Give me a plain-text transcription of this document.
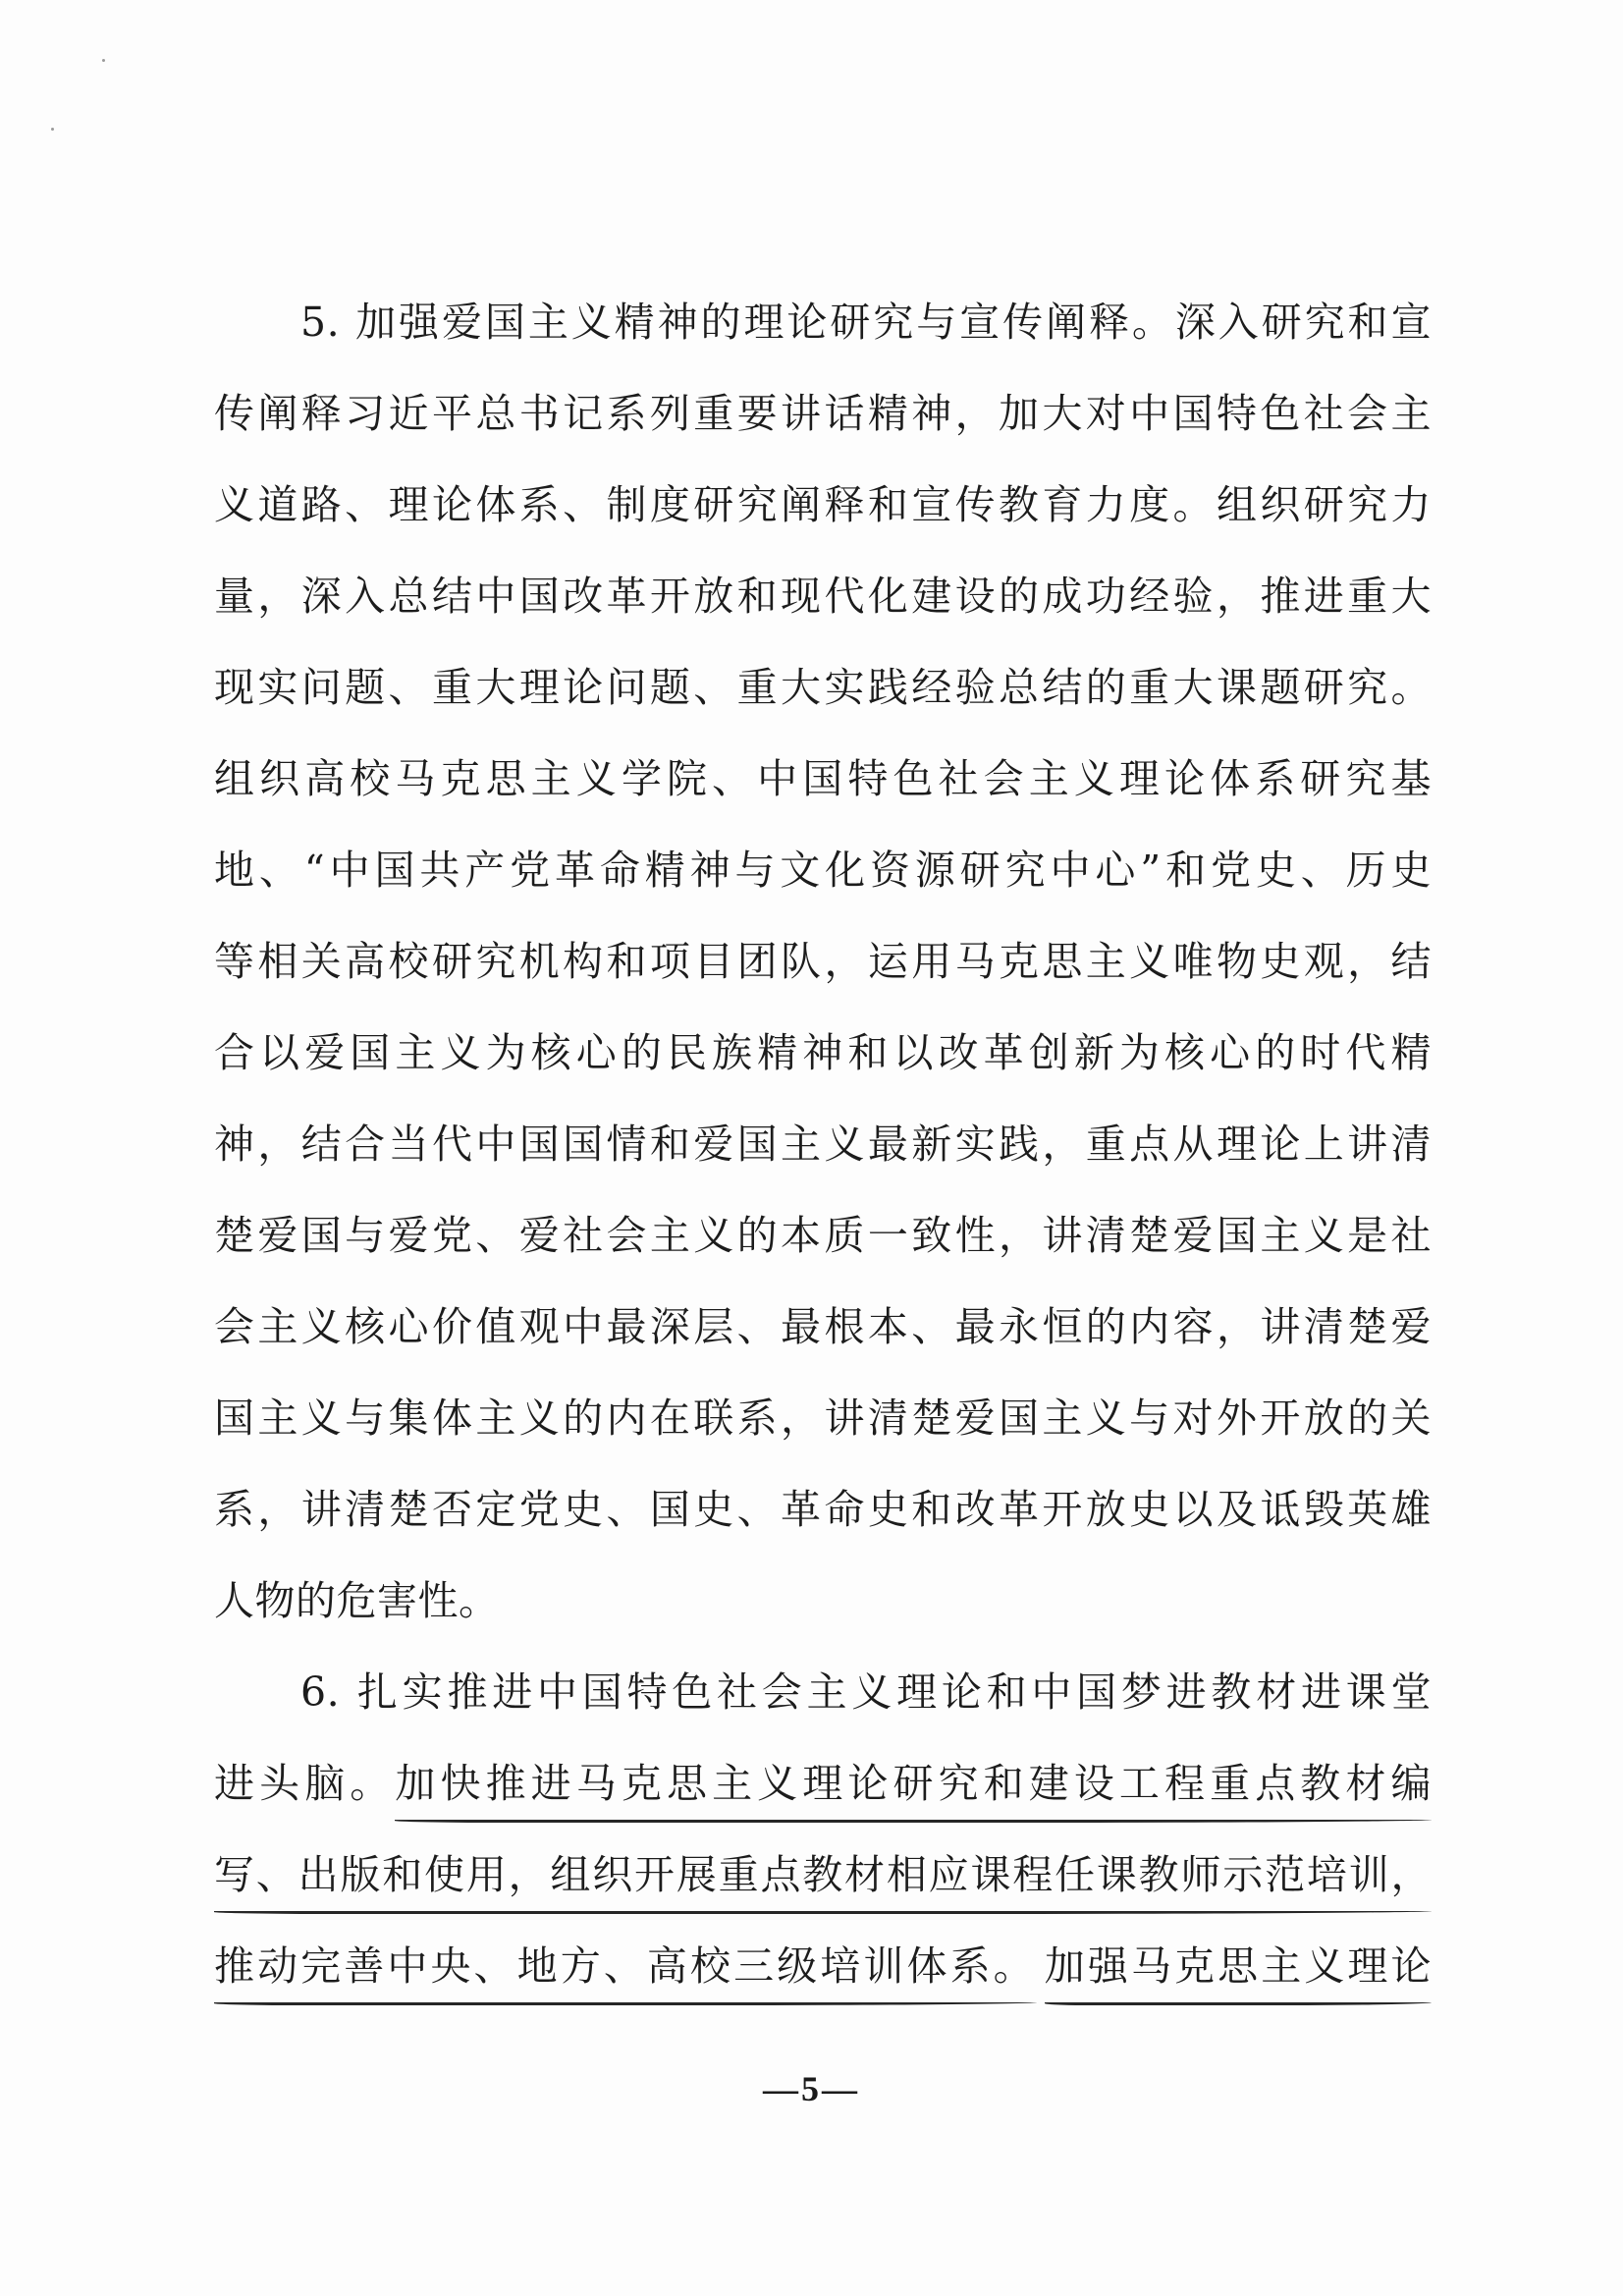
5. 加强爱国主义精神的理论研究与宣传阐释。深入研究和宣
传阐释习近平总书记系列重要讲话精神，加大对中国特色社会主
义道路、理论体系、制度研究阐释和宣传教育力度。组织研究力
量，深入总结中国改革开放和现代化建设的成功经验，推进重大
现实问题、重大理论问题、重大实践经验总结的重大课题研究。
组织高校马克思主义学院、中国特色社会主义理论体系研究基
地、“中国共产党革命精神与文化资源研究中心”和党史、历史
等相关高校研究机构和项目团队，运用马克思主义唯物史观，结
合以爱国主义为核心的民族精神和以改革创新为核心的时代精
神，结合当代中国国情和爱国主义最新实践，重点从理论上讲清
楚爱国与爱党、爱社会主义的本质一致性，讲清楚爱国主义是社
会主义核心价值观中最深层、最根本、最永恒的内容，讲清楚爱
国主义与集体主义的内在联系，讲清楚爱国主义与对外开放的关
系，讲清楚否定党史、国史、革命史和改革开放史以及诋毁英雄
人物的危害性。
6. 扎实推进中国特色社会主义理论和中国梦进教材进课堂
进头脑。加快推进马克思主义理论研究和建设工程重点教材编
写、出版和使用，组织开展重点教材相应课程任课教师示范培训，
推动完善中央、地方、高校三级培训体系。 加强马克思主义理论
—5—
